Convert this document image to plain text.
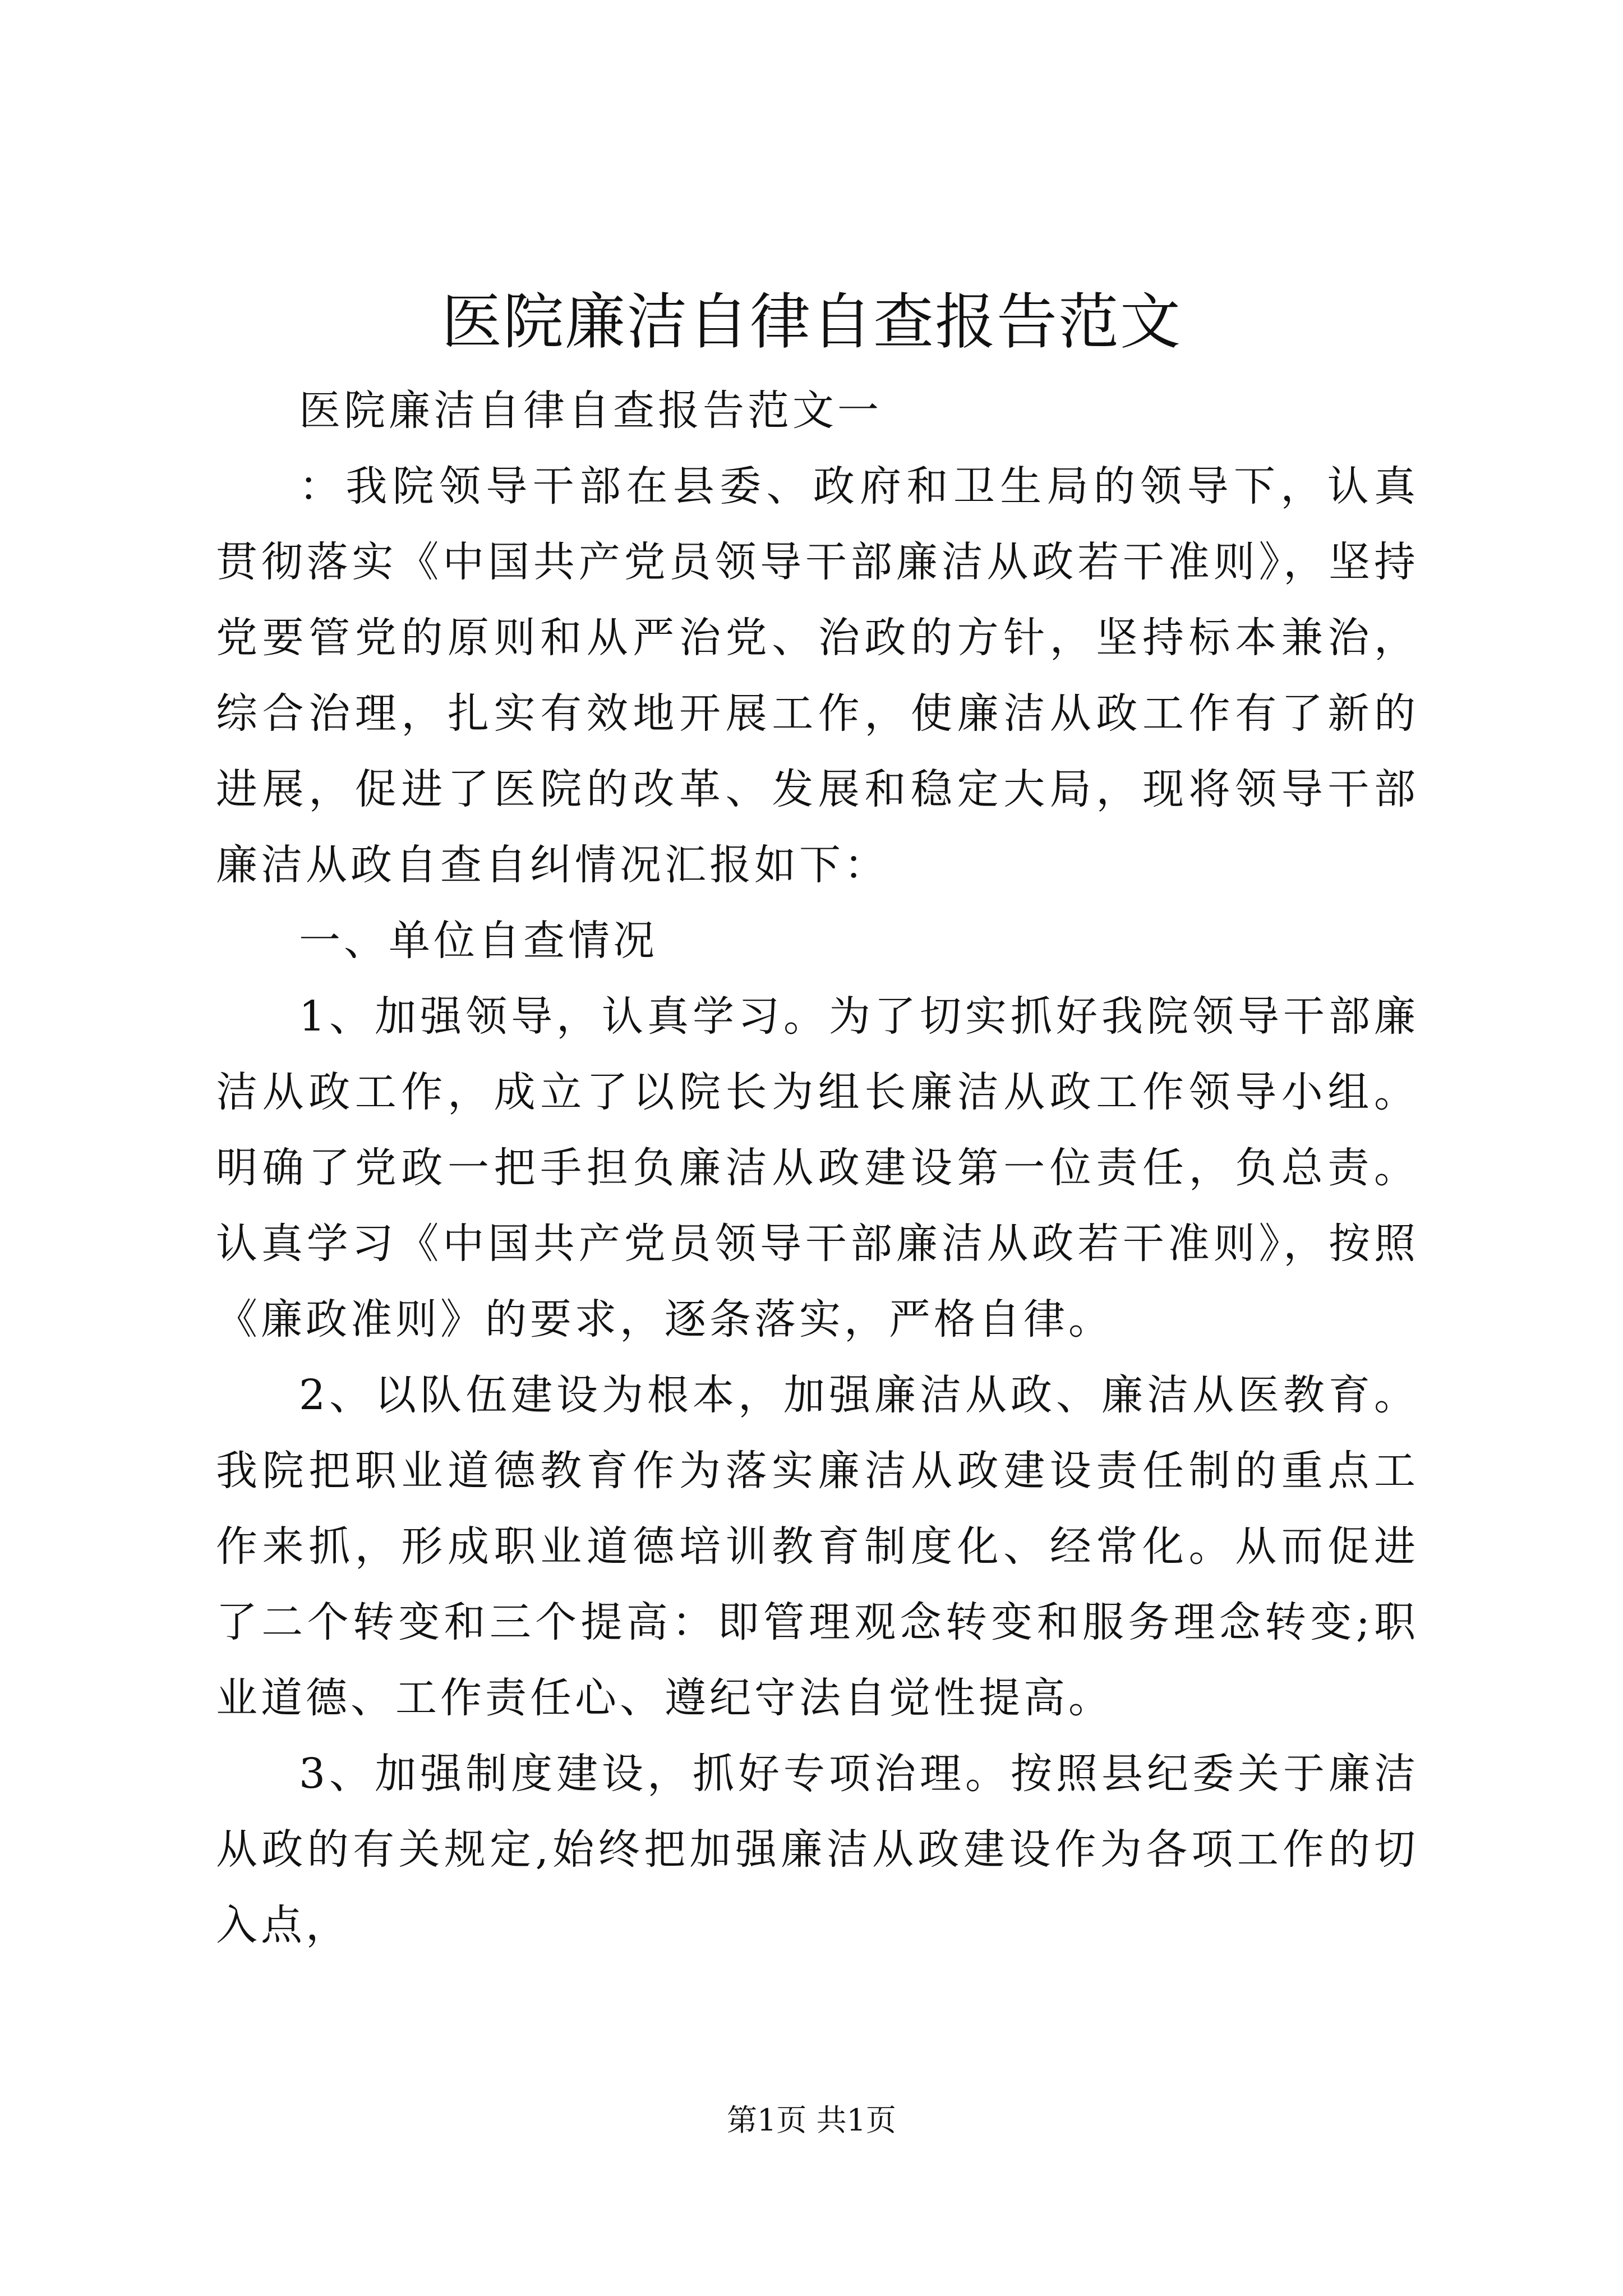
医院廉洁自律自查报告范文

医院廉洁自律自查报告范文一

：我院领导干部在县委、政府和卫生局的领导下，认真贯彻落实《中国共产党员领导干部廉洁从政若干准则》，坚持党要管党的原则和从严治党、治政的方针，坚持标本兼治，综合治理，扎实有效地开展工作，使廉洁从政工作有了新的进展，促进了医院的改革、发展和稳定大局，现将领导干部廉洁从政自查自纠情况汇报如下：

一、单位自查情况

1、加强领导，认真学习。为了切实抓好我院领导干部廉洁从政工作，成立了以院长为组长廉洁从政工作领导小组。明确了党政一把手担负廉洁从政建设第一位责任，负总责。认真学习《中国共产党员领导干部廉洁从政若干准则》，按照《廉政准则》的要求，逐条落实，严格自律。

2、以队伍建设为根本，加强廉洁从政、廉洁从医教育。我院把职业道德教育作为落实廉洁从政建设责任制的重点工作来抓，形成职业道德培训教育制度化、经常化。从而促进了二个转变和三个提高：即管理观念转变和服务理念转变;职业道德、工作责任心、遵纪守法自觉性提高。

3、加强制度建设，抓好专项治理。按照县纪委关于廉洁从政的有关规定,始终把加强廉洁从政建设作为各项工作的切入点，

第1页 共1页
